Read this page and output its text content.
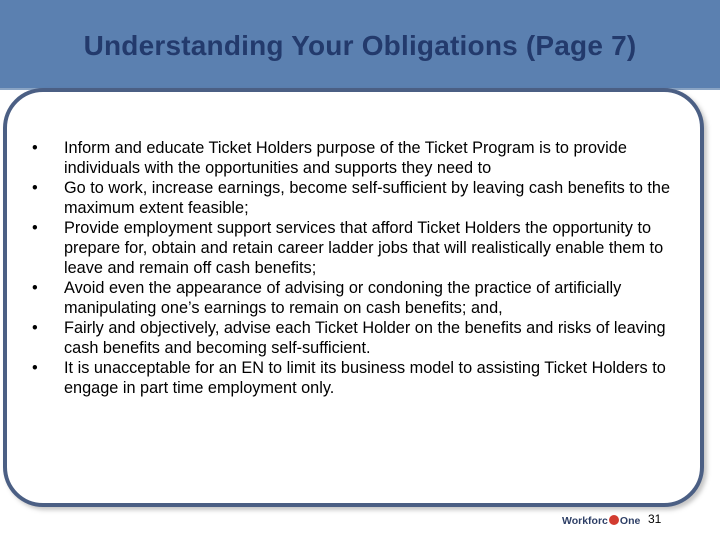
Understanding Your Obligations (Page 7)
•	Inform and educate Ticket Holders purpose of the Ticket Program is to provide individuals with the opportunities and supports they need to
•	Go to work, increase earnings, become self-sufficient by leaving cash benefits to the maximum extent feasible;
•	Provide employment support services that afford Ticket Holders the opportunity to prepare for, obtain and retain career ladder jobs that will realistically enable them to leave and remain off cash benefits;
•	Avoid even the appearance of advising or condoning the practice of artificially manipulating one’s earnings to remain on cash benefits; and,
•	Fairly and objectively, advise each Ticket Holder on the benefits and risks of leaving cash benefits and becoming self-sufficient.
•	It is unacceptable for an EN to limit its business model to assisting Ticket Holders to engage in part time employment only.
Workforc One 31
